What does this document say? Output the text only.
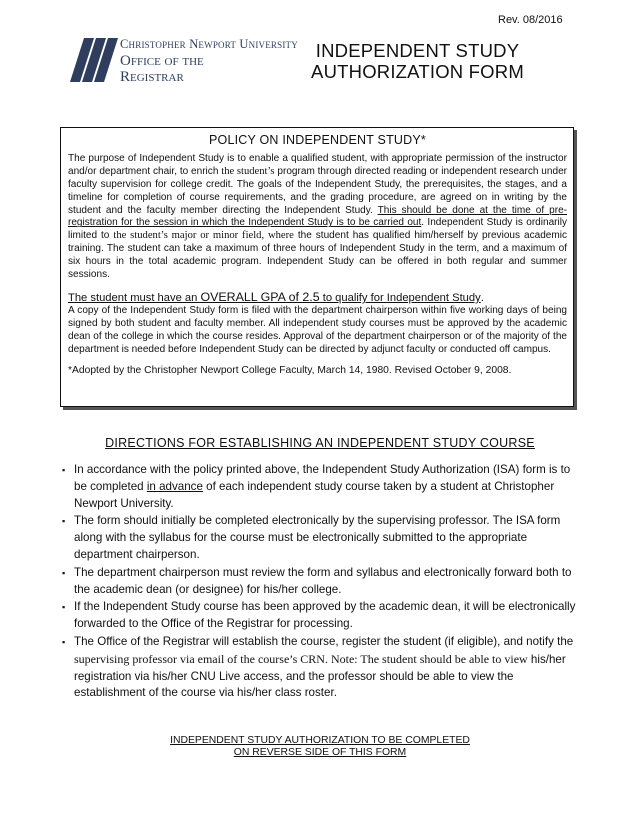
Rev. 08/2016
Christopher Newport University
Office of the
Registrar
INDEPENDENT STUDY
AUTHORIZATION FORM
POLICY ON INDEPENDENT STUDY*

The purpose of Independent Study is to enable a qualified student, with appropriate permission of the instructor and/or department chair, to enrich the student’s program through directed reading or independent research under faculty supervision for college credit. The goals of the Independent Study, the prerequisites, the stages, and a timeline for completion of course requirements, and the grading procedure, are agreed on in writing by the student and the faculty member directing the Independent Study. This should be done at the time of pre-registration for the session in which the Independent Study is to be carried out. Independent Study is ordinarily limited to the student’s major or minor field, where the student has qualified him/herself by previous academic training. The student can take a maximum of three hours of Independent Study in the term, and a maximum of six hours in the total academic program. Independent Study can be offered in both regular and summer sessions.

The student must have an OVERALL GPA of 2.5 to qualify for Independent Study.

A copy of the Independent Study form is filed with the department chairperson within five working days of being signed by both student and faculty member. All independent study courses must be approved by the academic dean of the college in which the course resides. Approval of the department chairperson or of the majority of the department is needed before Independent Study can be directed by adjunct faculty or conducted off campus.

*Adopted by the Christopher Newport College Faculty, March 14, 1980. Revised October 9, 2008.

DIRECTIONS FOR ESTABLISHING AN INDEPENDENT STUDY COURSE
▪ In accordance with the policy printed above, the Independent Study Authorization (ISA) form is to be completed in advance of each independent study course taken by a student at Christopher Newport University.
▪ The form should initially be completed electronically by the supervising professor. The ISA form along with the syllabus for the course must be electronically submitted to the appropriate department chairperson.
▪ The department chairperson must review the form and syllabus and electronically forward both to the academic dean (or designee) for his/her college.
▪ If the Independent Study course has been approved by the academic dean, it will be electronically forwarded to the Office of the Registrar for processing.
▪ The Office of the Registrar will establish the course, register the student (if eligible), and notify the supervising professor via email of the course’s CRN. Note: The student should be able to view his/her registration via his/her CNU Live access, and the professor should be able to view the establishment of the course via his/her class roster.
INDEPENDENT STUDY AUTHORIZATION TO BE COMPLETED
ON REVERSE SIDE OF THIS FORM
